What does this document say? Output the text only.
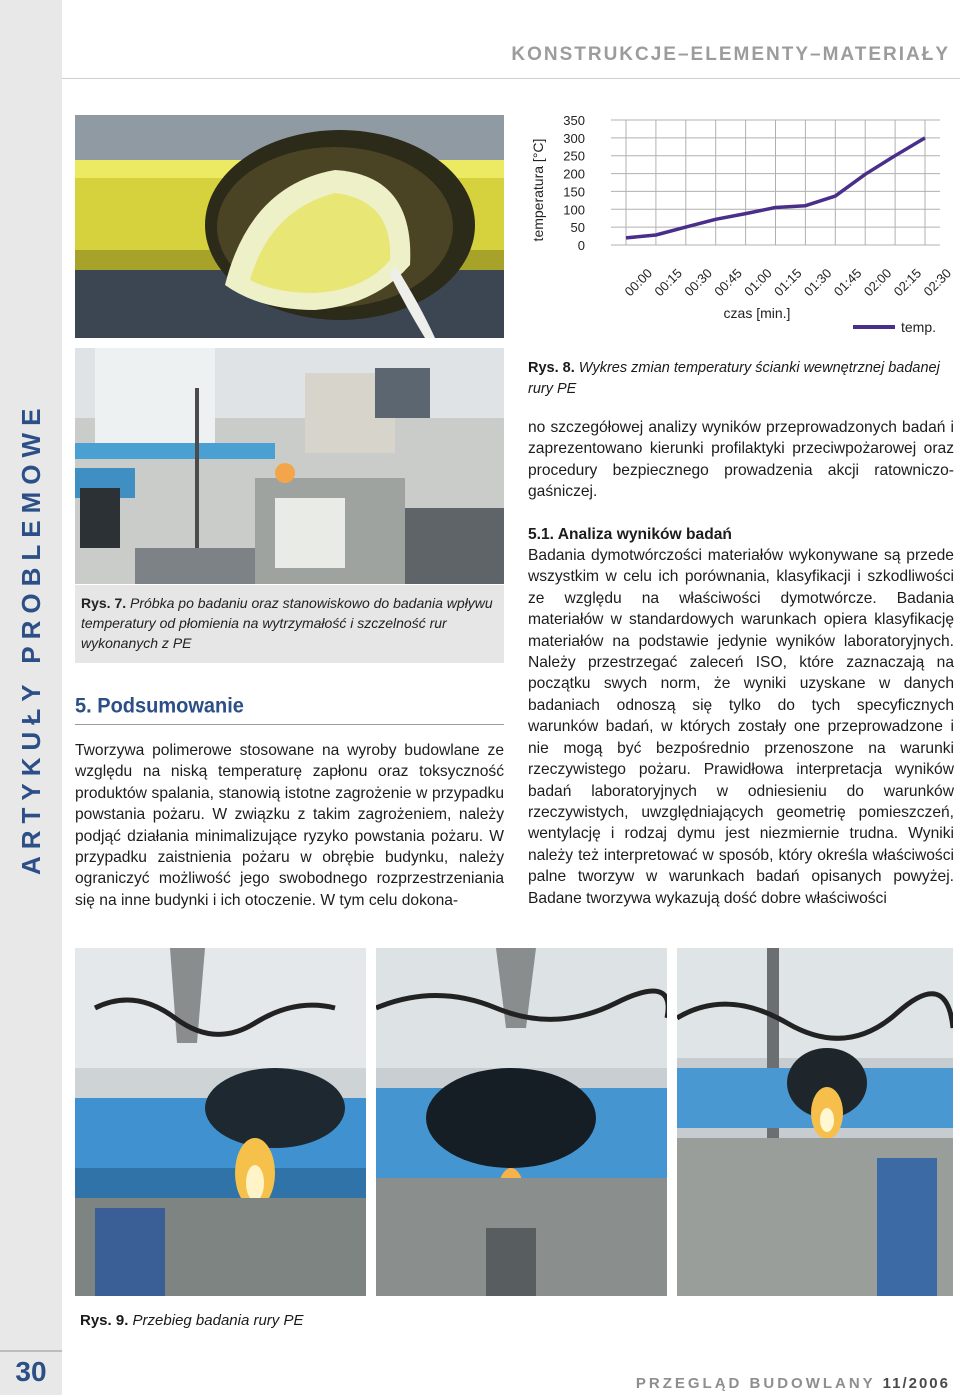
ARTYKUŁY PROBLEMOWE
30
KONSTRUKCJE–ELEMENTY–MATERIAŁY
Rys. 7. Próbka po badaniu oraz stanowiskowo do badania wpływu temperatury od płomienia na wytrzymałość i szczelność rur wykonanych z PE
5. Podsumowanie

Tworzywa polimerowe stosowane na wyroby budowlane ze względu na niską temperaturę zapłonu oraz toksyczność produktów spalania, stanowią istotne zagrożenie w przypadku powstania pożaru. W związku z takim zagrożeniem, należy podjąć działania minimalizujące ryzyko powstania pożaru. W przypadku zaistnienia pożaru w obrębie budynku, należy ograniczyć możliwość jego swobodnego rozprzestrzeniania się na inne budynki i ich otoczenie. W tym celu dokona-

temperatura [°C]
0
50
100
150
200
250
300
350
00:00
00:15
00:30
00:45
01:00
01:15
01:30
01:45
02:00
02:15
02:30
czas [min.]
temp.
Rys. 8. Wykres zmian temperatury ścianki wewnętrznej badanej rury PE

no szczegółowej analizy wyników przeprowadzonych badań i zaprezentowano kierunki profilaktyki przeciwpożarowej oraz procedury bezpiecznego prowadzenia akcji ratowniczo-gaśniczej.

5.1. Analiza wyników badań

Badania dymotwórczości materiałów wykonywane są przede wszystkim w celu ich porównania, klasyfikacji i szkodliwości ze względu na właściwości dymotwórcze. Badania materiałów w standardowych warunkach opiera klasyfikację materiałów na podstawie jedynie wyników laboratoryjnych. Należy przestrzegać zaleceń ISO, które zaznaczają na początku swych norm, że wyniki uzyskane w danych badaniach odnoszą się tylko do tych specyficznych warunków badań, w których zostały one przeprowadzone i nie mogą być bezpośrednio przenoszone na warunki rzeczywistego pożaru. Prawidłowa interpretacja wyników badań laboratoryjnych w odniesieniu do warunków rzeczywistych, uwzględniających geometrię pomieszczeń, wentylację i rodzaj dymu jest niezmiernie trudna. Wyniki należy też interpretować w sposób, który określa właściwości palne tworzyw w warunkach badań opisanych powyżej. Badane tworzywa wykazują dość dobre właściwości

Rys. 9. Przebieg badania rury PE
PRZEGLĄD BUDOWLANY 11/2006
